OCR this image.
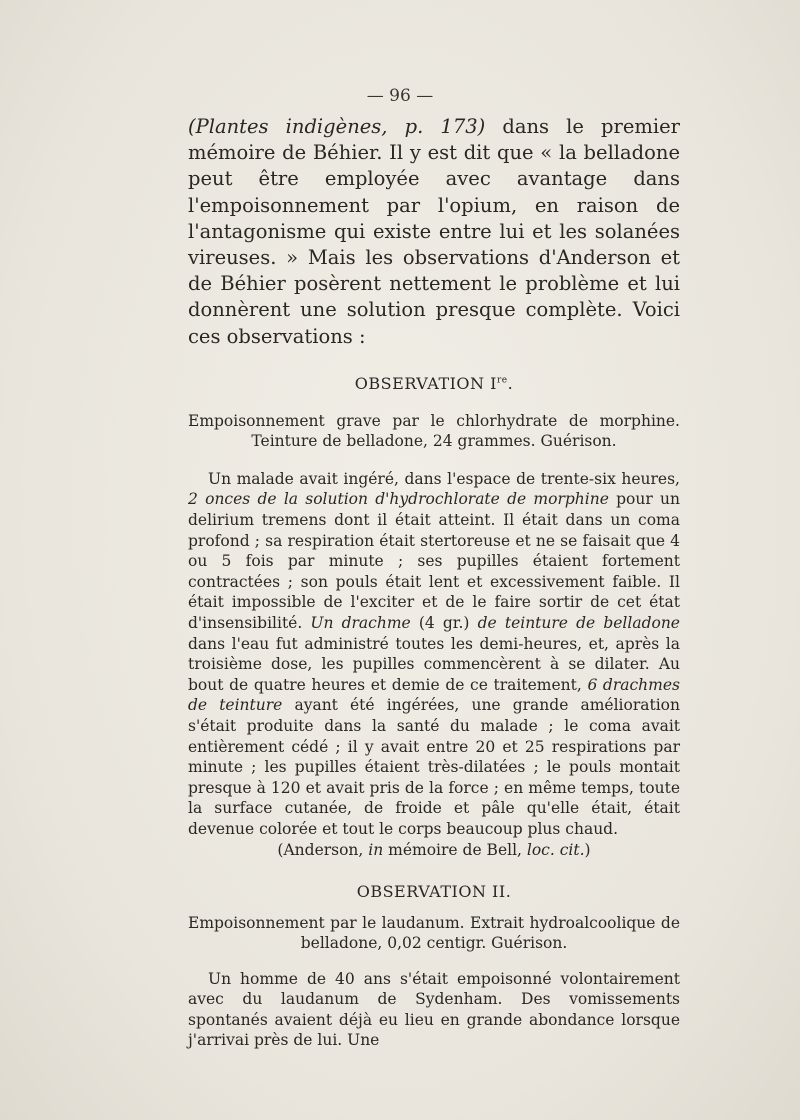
— 96 —

(Plantes indigènes, p. 173) dans le premier mémoire de Béhier. Il y est dit que « la belladone peut être employée avec avantage dans l'empoisonnement par l'opium, en raison de l'antagonisme qui existe entre lui et les solanées vireuses. » Mais les observations d'Anderson et de Béhier posèrent nettement le problème et lui donnèrent une solution presque complète. Voici ces observations :

OBSERVATION Ire.

Empoisonnement grave par le chlorhydrate de morphine. Teinture de belladone, 24 grammes. Guérison.

Un malade avait ingéré, dans l'espace de trente-six heures, 2 onces de la solution d'hydrochlorate de morphine pour un delirium tremens dont il était atteint. Il était dans un coma profond ; sa respiration était stertoreuse et ne se faisait que 4 ou 5 fois par minute ; ses pupilles étaient fortement contractées ; son pouls était lent et excessivement faible. Il était impossible de l'exciter et de le faire sortir de cet état d'insensibilité. Un drachme (4 gr.) de teinture de belladone dans l'eau fut administré toutes les demi-heures, et, après la troisième dose, les pupilles commencèrent à se dilater. Au bout de quatre heures et demie de ce traitement, 6 drachmes de teinture ayant été ingérées, une grande amélioration s'était produite dans la santé du malade ; le coma avait entièrement cédé ; il y avait entre 20 et 25 respirations par minute ; les pupilles étaient très-dilatées ; le pouls montait presque à 120 et avait pris de la force ; en même temps, toute la surface cutanée, de froide et pâle qu'elle était, était devenue colorée et tout le corps beaucoup plus chaud.

(Anderson, in mémoire de Bell, loc. cit.)

OBSERVATION II.

Empoisonnement par le laudanum. Extrait hydroalcoolique de belladone, 0,02 centigr. Guérison.

Un homme de 40 ans s'était empoisonné volontairement avec du laudanum de Sydenham. Des vomissements spontanés avaient déjà eu lieu en grande abondance lorsque j'arrivai près de lui. Une
